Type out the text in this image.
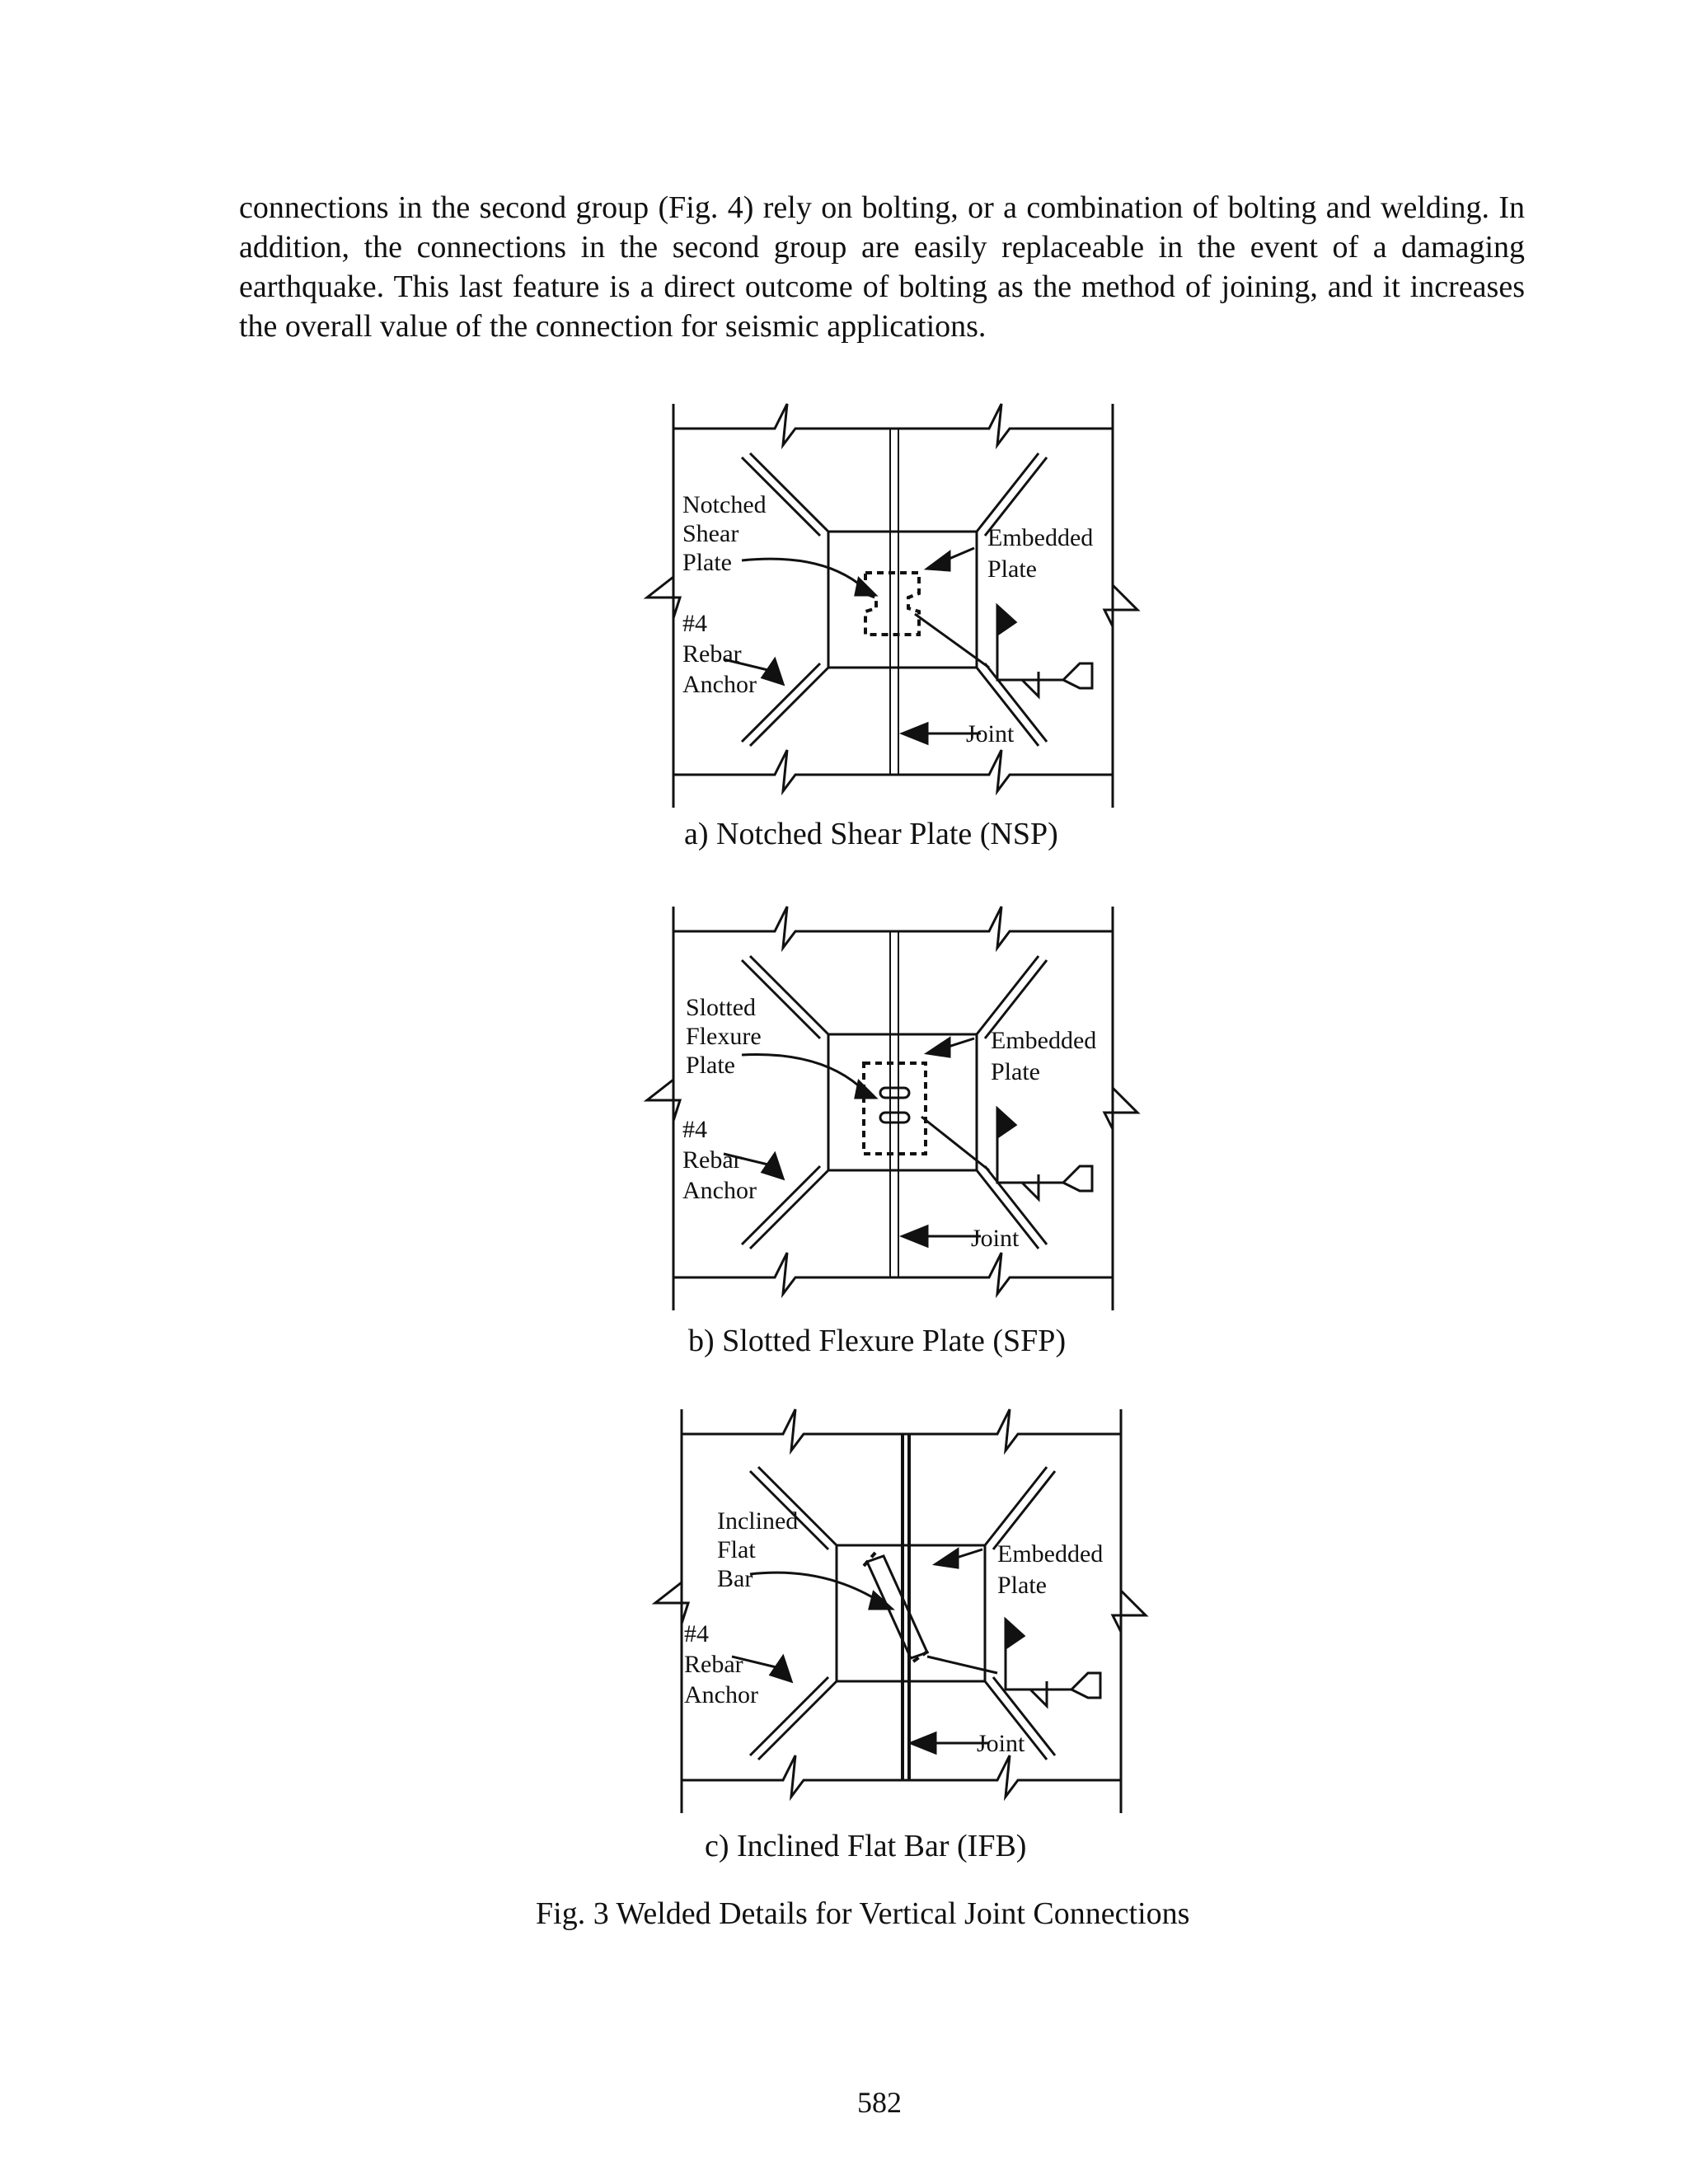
connections in the second group (Fig. 4) rely on bolting, or a combination of bolting and welding. In addition, the connections in the second group are easily replaceable in the event of a damaging earthquake. This last feature is a direct outcome of bolting as the method of joining, and it increases the overall value of the connection for seismic applications.

Notched
Shear
Plate
Embedded
Plate
#4
Rebar
Anchor
Joint
a) Notched Shear Plate (NSP)
Slotted
Flexure
Plate
Embedded
Plate
#4
Rebar
Anchor
Joint
b) Slotted Flexure Plate (SFP)
Inclined
Flat
Bar
Embedded
Plate
#4
Rebar
Anchor
Joint
c) Inclined Flat Bar (IFB)
Fig. 3 Welded Details for Vertical Joint Connections
582
